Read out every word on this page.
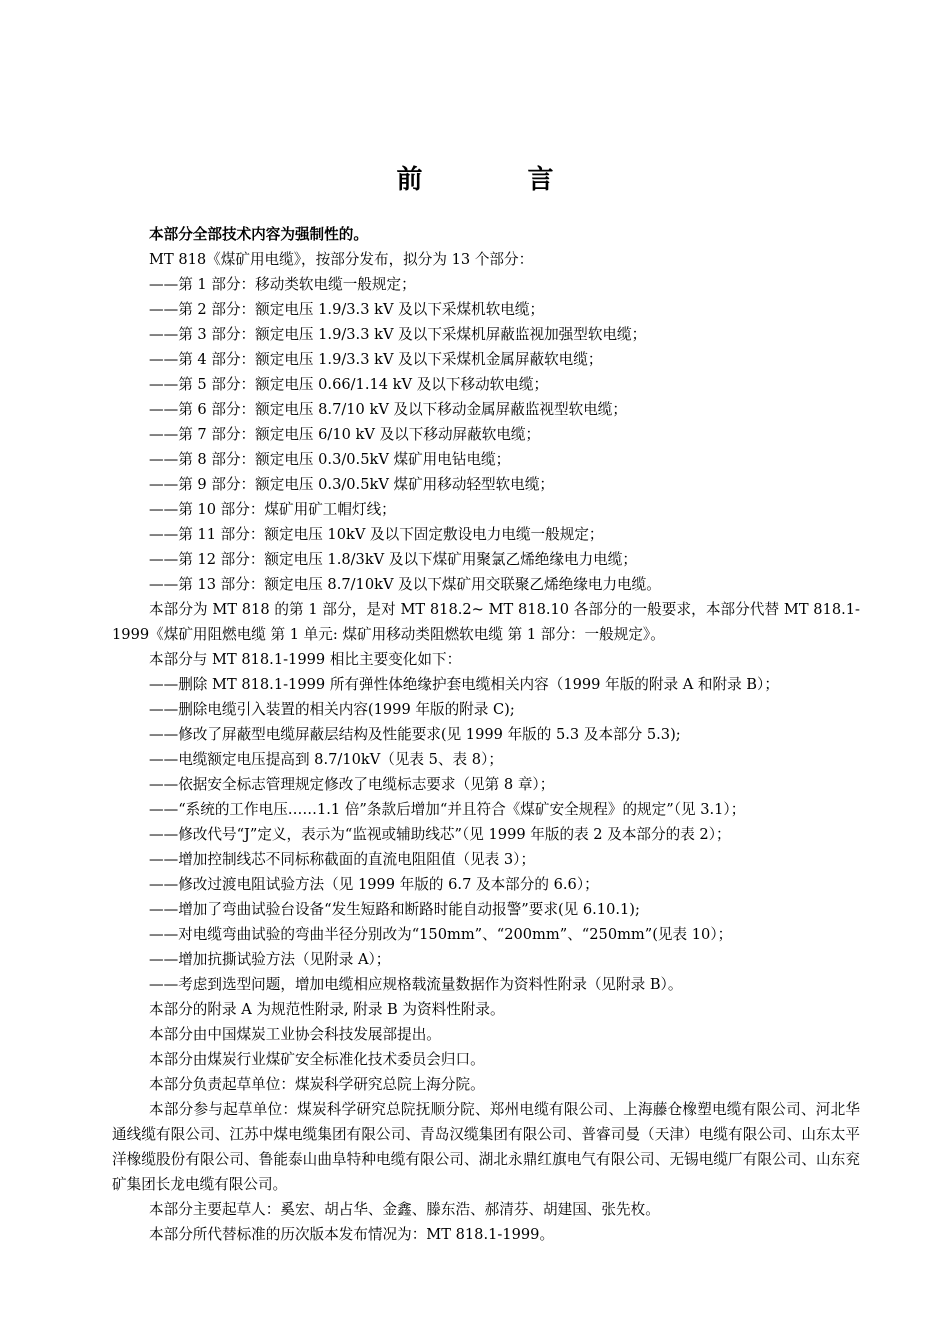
前 言

本部分全部技术内容为强制性的。

MT 818《煤矿用电缆》，按部分发布，拟分为 13 个部分：

——第 1 部分：移动类软电缆一般规定；

——第 2 部分：额定电压 1.9/3.3 kV 及以下采煤机软电缆；

——第 3 部分：额定电压 1.9/3.3 kV 及以下采煤机屏蔽监视加强型软电缆；

——第 4 部分：额定电压 1.9/3.3 kV 及以下采煤机金属屏蔽软电缆；

——第 5 部分：额定电压 0.66/1.14 kV 及以下移动软电缆；

——第 6 部分：额定电压 8.7/10 kV 及以下移动金属屏蔽监视型软电缆；

——第 7 部分：额定电压 6/10 kV 及以下移动屏蔽软电缆；

——第 8 部分：额定电压 0.3/0.5kV 煤矿用电钻电缆；

——第 9 部分：额定电压 0.3/0.5kV 煤矿用移动轻型软电缆；

——第 10 部分：煤矿用矿工帽灯线；

——第 11 部分：额定电压 10kV 及以下固定敷设电力电缆一般规定；

——第 12 部分：额定电压 1.8/3kV 及以下煤矿用聚氯乙烯绝缘电力电缆；

——第 13 部分：额定电压 8.7/10kV 及以下煤矿用交联聚乙烯绝缘电力电缆。

本部分为 MT 818 的第 1 部分，是对 MT 818.2~ MT 818.10 各部分的一般要求，本部分代替 MT 818.1-1999《煤矿用阻燃电缆 第 1 单元: 煤矿用移动类阻燃软电缆 第 1 部分：一般规定》。

本部分与 MT 818.1-1999 相比主要变化如下：

——删除 MT 818.1-1999 所有弹性体绝缘护套电缆相关内容（1999 年版的附录 A 和附录 B）；

——删除电缆引入装置的相关内容(1999 年版的附录 C);

——修改了屏蔽型电缆屏蔽层结构及性能要求(见 1999 年版的 5.3 及本部分 5.3);

——电缆额定电压提高到 8.7/10kV（见表 5、表 8）；

——依据安全标志管理规定修改了电缆标志要求（见第 8 章）；

——“系统的工作电压……1.1 倍”条款后增加“并且符合《煤矿安全规程》的规定”（见 3.1）；

——修改代号“J”定义，表示为“监视或辅助线芯”（见 1999 年版的表 2 及本部分的表 2）；

——增加控制线芯不同标称截面的直流电阻阻值（见表 3）；

——修改过渡电阻试验方法（见 1999 年版的 6.7 及本部分的 6.6）；

——增加了弯曲试验台设备“发生短路和断路时能自动报警”要求(见 6.10.1);

——对电缆弯曲试验的弯曲半径分别改为“150mm”、“200mm”、“250mm”(见表 10）；

——增加抗撕试验方法（见附录 A）；

——考虑到选型问题，增加电缆相应规格载流量数据作为资料性附录（见附录 B）。

本部分的附录 A 为规范性附录, 附录 B 为资料性附录。

本部分由中国煤炭工业协会科技发展部提出。

本部分由煤炭行业煤矿安全标准化技术委员会归口。

本部分负责起草单位：煤炭科学研究总院上海分院。

本部分参与起草单位：煤炭科学研究总院抚顺分院、郑州电缆有限公司、上海藤仓橡塑电缆有限公司、河北华通线缆有限公司、江苏中煤电缆集团有限公司、青岛汉缆集团有限公司、普睿司曼（天津）电缆有限公司、山东太平洋橡缆股份有限公司、鲁能泰山曲阜特种电缆有限公司、湖北永鼎红旗电气有限公司、无锡电缆厂有限公司、山东兖矿集团长龙电缆有限公司。

本部分主要起草人：奚宏、胡占华、金鑫、滕东浩、郝清芬、胡建国、张先枚。

本部分所代替标准的历次版本发布情况为：MT 818.1-1999。
